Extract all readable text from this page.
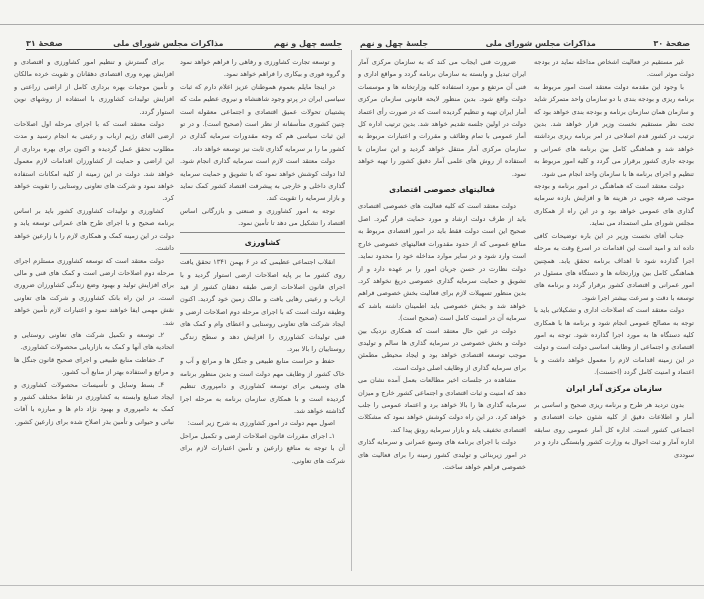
جلسه چهل و نهم
مذاکرات مجلس شورای ملی
صفحهٔ ۳۱	صفحهٔ ۳۰
مذاکرات مجلس شورای ملی
جلسهٔ چهل و نهم

غیر مستقیم در فعالیت اشخاص مداخله نماید در بودجه دولت موثر است.

با وجود این مقدمه دولت معتقد است امور مربوط به برنامه ریزی و بودجه بندی با دو سازمان واحد متمرکز شاید و سازمان همان سازمان برنامه و بودجه بندی خواهد بود که تحت نظر مستقیم نخست وزیر قرار خواهد شد. بدین ترتیب در کشور قدم اصلاحی در امر برنامه ریزی برداشته خواهد شد و هماهنگی کامل بین برنامه های عمرانی و بودجه جاری کشور برقرار می گردد و کلیه امور مربوط به تنظیم و اجرای برنامه ها با سازمان واحد انجام می شود.

دولت معتقد است که هماهنگی در امور برنامه و بودجه موجب صرفه جویی در هزینه ها و افزایش بازده سرمایه گذاری های عمومی خواهد بود و در این راه از همکاری مجلس شورای ملی استمداد می نماید.

جناب آقای نخست وزیر در این باره توضیحات کافی داده اند و امید است این اقدامات در اسرع وقت به مرحله اجرا گذارده شود تا اهداف برنامه تحقق یابد. همچنین هماهنگی کامل بین وزارتخانه ها و دستگاه های مسئول در امور عمرانی و اقتصادی کشور برقرار گردد و برنامه های توسعه با دقت و سرعت بیشتر اجرا شود.

دولت معتقد است که اصلاحات اداری و تشکیلاتی باید با توجه به مصالح عمومی انجام شود و برنامه ها با همکاری کلیه دستگاه ها به مورد اجرا گذارده شود. توجه به امور اقتصادی و اجتماعی از وظایف اساسی دولت است و دولت در این زمینه اقدامات لازم را معمول خواهد داشت و با اعتماد و امنیت کامل گردد (احسنت).

سازمان مرکزی آمار ایران

بدون تردید هر طرح و برنامه ریزی صحیح و اساسی بر آمار و اطلاعات دقیق از کلیه شئون حیات اقتصادی و اجتماعی کشور است. اداره کل آمار عمومی روی سابقه اداره آمار و ثبت احوال به وزارت کشور وابستگی دارد و در سوددی

ضرورت فنی ایجاب می کند که به سازمان مرکزی آمار ایران تبدیل و وابسته به سازمان برنامه گردد و مواقع اداری و فنی آن مرتفع و مورد استفاده کلیه وزارتخانه ها و موسسات دولت واقع شود. بدین منظور لایحه قانونی سازمان مرکزی آمار ایران تهیه و تنظیم گردیده است که در صورت رأی اعتماد دولت در اولین جلسه تقدیم خواهد شد. بدین ترتیب اداره کل آمار عمومی با تمام وظائف و مقررات و اعتبارات مربوط به سازمان مرکزی آمار منتقل خواهد گردید و این سازمان با استفاده از روش های علمی آمار دقیق کشور را تهیه خواهد نمود.

فعالیتهای خصوصی اقتصادی

دولت معتقد است که کلیه فعالیت های خصوصی اقتصادی باید از طرف دولت ارشاد و مورد حمایت قرار گیرد. اصل صحیح این است دولت فقط باید در امور اقتصادی مربوط به منافع عمومی که از حدود مقدورات فعالیتهای خصوصی خارج است وارد شود و در سایر موارد مداخله خود را محدود نماید. دولت نظارت در حسن جریان امور را بر عهده دارد و از تشویق و حمایت سرمایه گذاری خصوصی دریغ نخواهد کرد. بدین منظور تسهیلات لازم برای فعالیت بخش خصوصی فراهم خواهد شد و بخش خصوصی باید اطمینان داشته باشد که سرمایه آن در امنیت کامل است (صحیح است).

دولت در عین حال معتقد است که همکاری نزدیک بین دولت و بخش خصوصی در سرمایه گذاری ها سالم و تولیدی موجب توسعه اقتصادی خواهد بود و ایجاد محیطی مطمئن برای سرمایه گذاری از وظایف اصلی دولت است.

مشاهده در جلسات اخیر مطالعات بعمل آمده نشان می دهد که امنیت و ثبات اقتصادی و اجتماعی کشور خارج و میزان سرمایه گذاری ها را بالا خواهد برد و اعتماد عمومی را جلب خواهد کرد. در این راه دولت کوشش خواهد نمود که مشکلات اقتصادی تخفیف یابد و بازار سرمایه رونق پیدا کند.

دولت با اجرای برنامه های وسیع عمرانی و سرمایه گذاری در امور زیربنائی و تولیدی کشور زمینه را برای فعالیت های خصوصی فراهم خواهد ساخت.

و توسعه تجارت کشاورزی و رفاهی را فراهم خواهد نمود و گروه فوری و بیکاری را فراهم خواهد نمود.

در اینجا مایلم بعموم هموطنان عزیز اعلام دارم که ثبات سیاسی ایران در پرتو وجود شاهنشاه و نیروی عظیم ملت که پشتیبان تحولات عمیق اقتصادی و اجتماعی معقوله است چنین کشوری متأسفانه از نظر است (صحیح است). و در تو این ثبات سیاسی هم که وجه مقدورات سرمایه گذاری در کشور ما را بر سرمایه گذاری ثابت نیز توسعه خواهد داد.

دولت معتقد است لازم است سرمایه گذاری انجام شود. لذا دولت کوشش خواهد نمود که با تشویق و حمایت سرمایه گذاری داخلی و خارجی به پیشرفت اقتصاد کشور کمک نماید و بازار سرمایه را تقویت کند.

توجه به امور کشاورزی و صنعتی و بازرگانی اساس اقتصاد را تشکیل می دهد تا تأمین نمود.

کشاورزی

انقلاب اجتماعی عظیمی که در ۶ بهمن ۱۳۴۱ تحقق یافت روی کشور ما بر پایه اصلاحات ارضی استوار گردید و با اجرای قانون اصلاحات ارضی طبقه دهقان کشور از قید ارباب و رعیتی رهایی یافت و مالک زمین خود گردید. اکنون وظیفه دولت است که با اجرای مرحله دوم اصلاحات ارضی و ایجاد شرکت های تعاونی روستایی و اعطای وام و کمک های فنی تولیدات کشاورزی را افزایش دهد و سطح زندگی روستاییان را بالا ببرد.

حفظ و حراست منابع طبیعی و جنگل ها و مراتع و آب و خاک کشور از وظایف مهم دولت است و بدین منظور برنامه های وسیعی برای توسعه کشاورزی و دامپروری تنظیم گردیده است و با همکاری سازمان برنامه به مرحله اجرا گذاشته خواهد شد.

اصول مهم دولت در امور کشاورزی به شرح زیر است:

۱ـ اجرای مقررات قانون اصلاحات ارضی و تکمیل مراحل آن با توجه به منافع زارعین و تأمین اعتبارات لازم برای شرکت های تعاونی.

برای گسترش و تنظیم امور کشاورزی و اقتصادی و افزایش بهره وری اقتصادی دهقانان و تقویت خرده مالکان و تأمین موجبات بهره برداری کامل از اراضی زراعتی و افزایش تولیدات کشاورزی با استفاده از روشهای نوین استوار گردد.

دولت معتقد است که با اجرای مرحله اول اصلاحات ارضی الغای رژیم ارباب و رعیتی به انجام رسید و مدت مطلوب تحقق عمل گردیده و اکنون برای بهره برداری از این اراضی و حمایت از کشاورزان اقدامات لازم معمول خواهد شد. دولت در این زمینه از کلیه امکانات استفاده خواهد نمود و شرکت های تعاونی روستایی را تقویت خواهد کرد.

کشاورزی و تولیدات کشاورزی کشور باید بر اساس برنامه صحیح و با اجرای طرح های عمرانی توسعه یابد و دولت در این زمینه کمک و همکاری لازم را با زارعین خواهد داشت.

دولت معتقد است که توسعه کشاورزی مستلزم اجرای مرحله دوم اصلاحات ارضی است و کمک های فنی و مالی برای افزایش تولید و بهبود وضع زندگی کشاورزان ضروری است. در این راه بانک کشاورزی و شرکت های تعاونی نقش مهمی ایفا خواهند نمود و اعتبارات لازم تأمین خواهد شد.

۲ـ توسعه و تکمیل شرکت های تعاونی روستایی و اتحادیه های آنها و کمک به بازاریابی محصولات کشاورزی.

۳ـ حفاظت منابع طبیعی و اجرای صحیح قانون جنگل ها و مراتع و استفاده بهتر از منابع آب کشور.

۴ـ بسط وسایل و تأسیسات محصولات کشاورزی و ایجاد صنایع وابسته به کشاورزی در نقاط مختلف کشور و کمک به دامپروری و بهبود نژاد دام ها و مبارزه با آفات نباتی و حیوانی و تأمین بذر اصلاح شده برای زارعین کشور.
